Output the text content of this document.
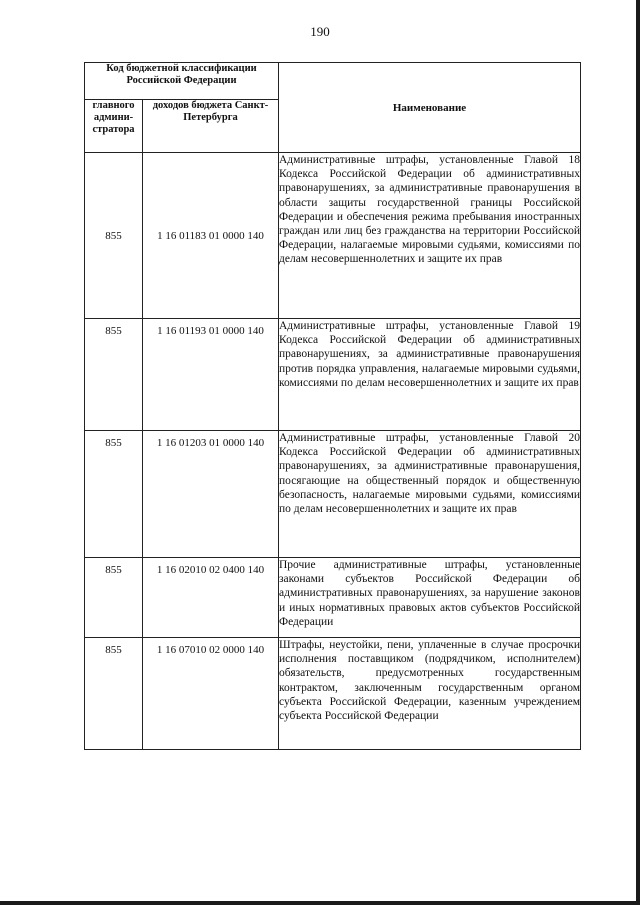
190
Код бюджетной классификации Российской Федерации		Наименование
главного админи-стратора	доходов бюджета Санкт-Петербурга	
855	1 16 01183 01 0000 140	Административные штрафы, установленные Главой 18 Кодекса Российской Федерации об административных правонарушениях, за административные правонарушения в области защиты государственной границы Российской Федерации и обеспечения режима пребывания иностранных граждан или лиц без гражданства на территории Российской Федерации, налагаемые мировыми судьями, комиссиями по делам несовершеннолетних и защите их прав
855	1 16 01193 01 0000 140	Административные штрафы, установленные Главой 19 Кодекса Российской Федерации об административных правонарушениях, за административные правонарушения против порядка управления, налагаемые мировыми судьями, комиссиями по делам несовершеннолетних и защите их прав
855	1 16 01203 01 0000 140	Административные штрафы, установленные Главой 20 Кодекса Российской Федерации об административных правонарушениях, за административные правонарушения, посягающие на общественный порядок и общественную безопасность, налагаемые мировыми судьями, комиссиями по делам несовершеннолетних и защите их прав
855	1 16 02010 02 0400 140	Прочие административные штрафы, установленные законами субъектов Российской Федерации об административных правонарушениях, за нарушение законов и иных нормативных правовых актов субъектов Российской Федерации
855	1 16 07010 02 0000 140	Штрафы, неустойки, пени, уплаченные в случае просрочки исполнения поставщиком (подрядчиком, исполнителем) обязательств, предусмотренных государственным контрактом, заключенным государственным органом субъекта Российской Федерации, казенным учреждением субъекта Российской Федерации
